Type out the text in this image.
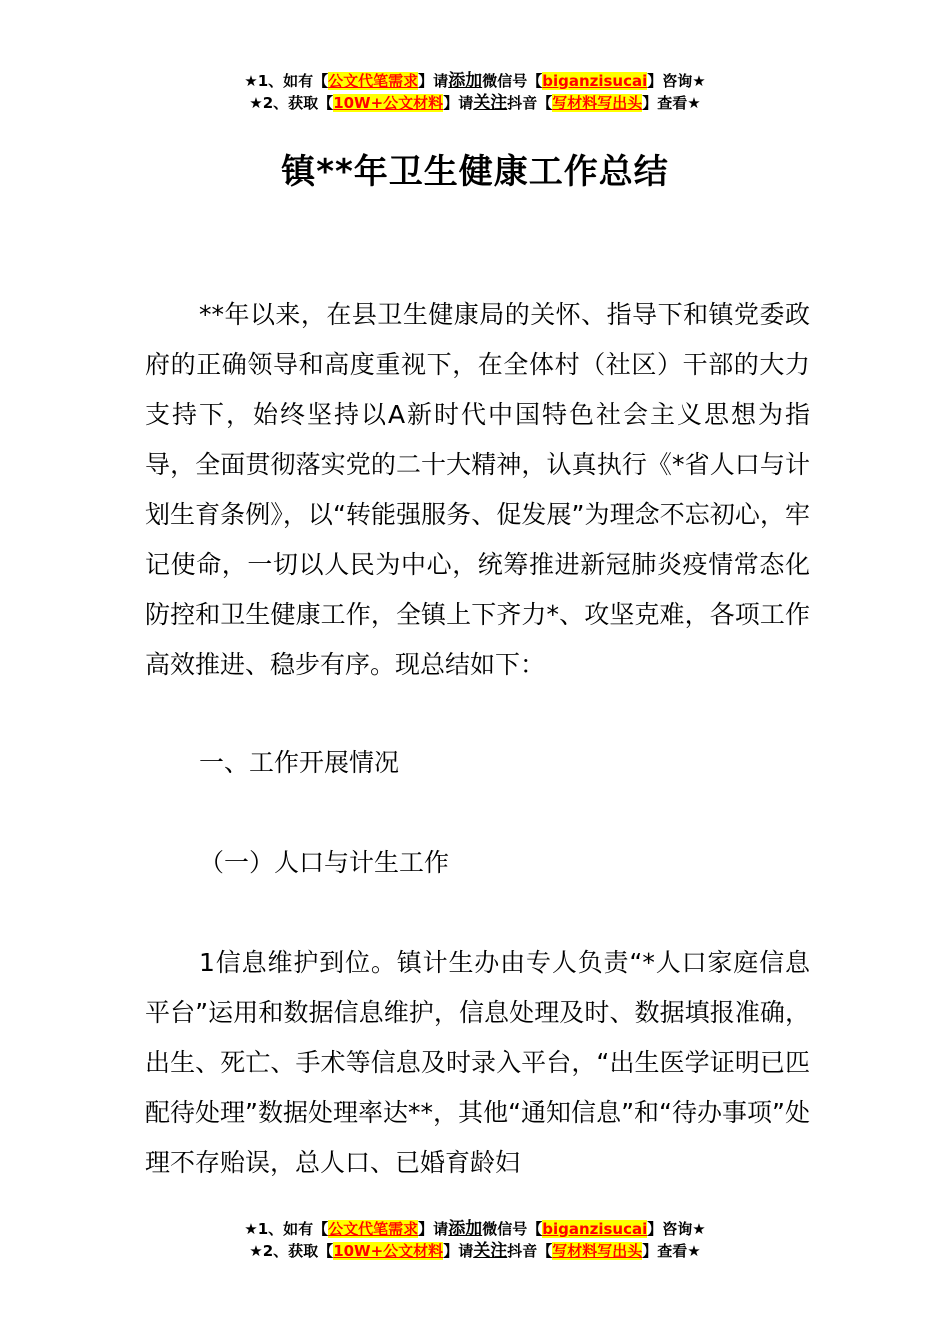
★1、如有【公文代笔需求】请添加微信号【biganzisucai】咨询★
★2、获取【10W+公文材料】请关注抖音【写材料写出头】查看★
镇**年卫生健康工作总结

**年以来，在县卫生健康局的关怀、指导下和镇党委政府的正确领导和高度重视下，在全体村（社区）干部的大力支持下，始终坚持以A新时代中国特色社会主义思想为指导，全面贯彻落实党的二十大精神，认真执行《*省人口与计划生育条例》，以“转能强服务、促发展”为理念不忘初心，牢记使命，一切以人民为中心，统筹推进新冠肺炎疫情常态化防控和卫生健康工作，全镇上下齐力*、攻坚克难，各项工作高效推进、稳步有序。现总结如下：

一、工作开展情况

（一）人口与计生工作

1信息维护到位。镇计生办由专人负责“*人口家庭信息平台”运用和数据信息维护，信息处理及时、数据填报准确，出生、死亡、手术等信息及时录入平台，“出生医学证明已匹配待处理”数据处理率达**，其他“通知信息”和“待办事项”处理不存贻误，总人口、已婚育龄妇

★1、如有【公文代笔需求】请添加微信号【biganzisucai】咨询★
★2、获取【10W+公文材料】请关注抖音【写材料写出头】查看★
